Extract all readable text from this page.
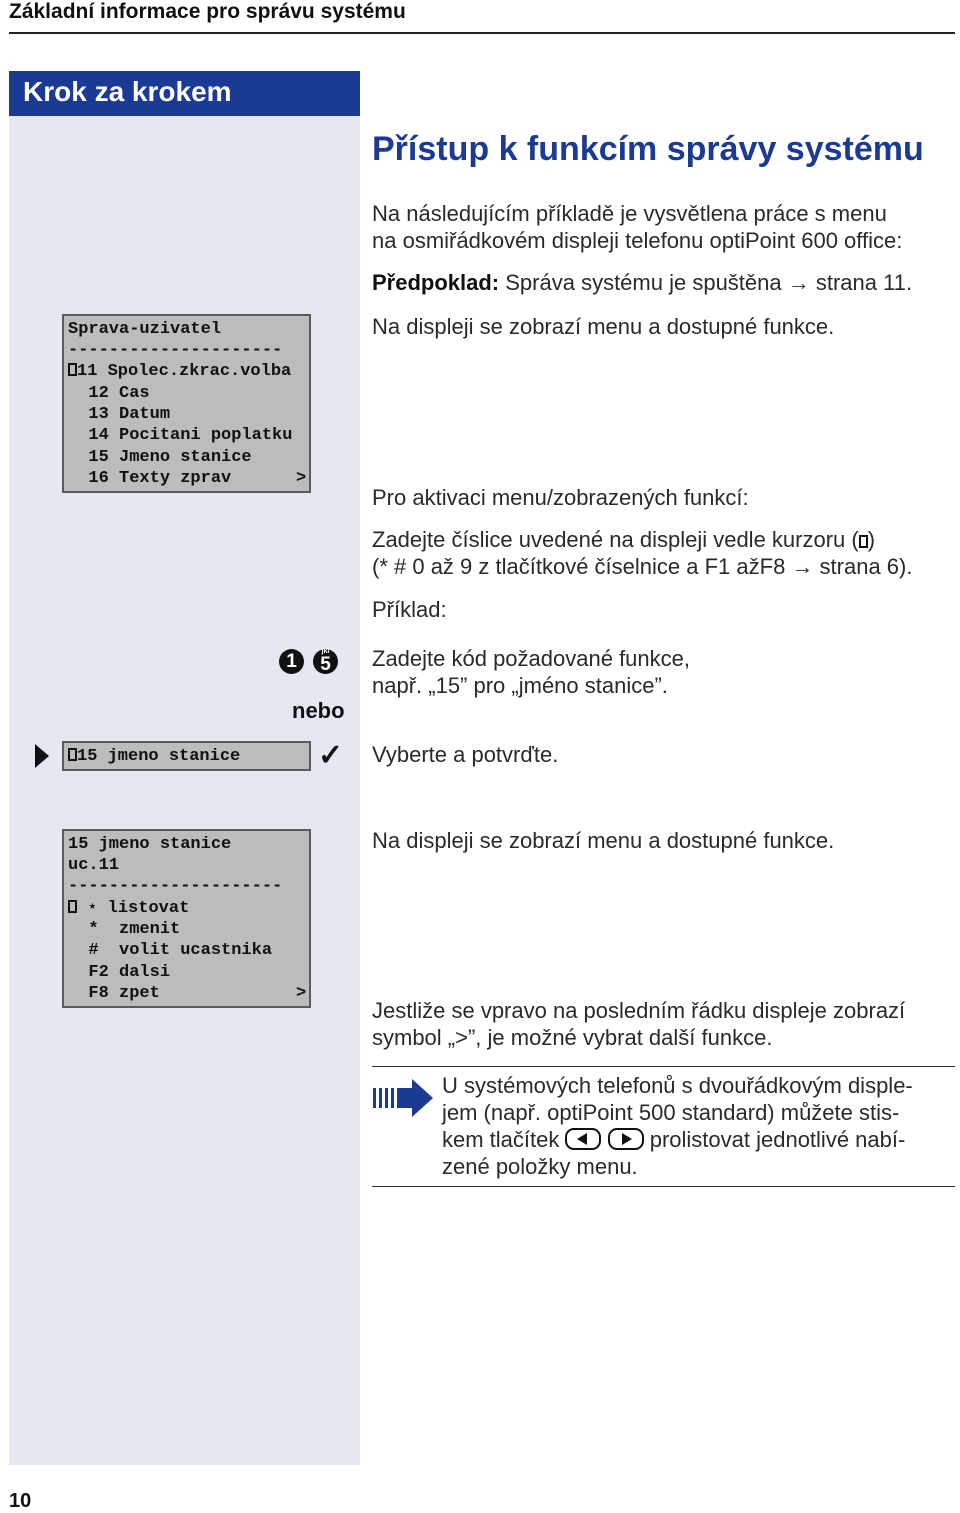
Základní informace pro správu systému
Krok za krokem
Přístup k funkcím správy systému

Na následujícím příkladě je vysvětlena práce s menu

na osmiřádkovém displeji telefonu optiPoint 600 office:

Předpoklad: Správa systému je spuštěna → strana 11.
Na displeji se zobrazí menu a dostupné funkce.
Sprava-uzivatel
---------------------
11 Spolec.zkrac.volba
12 Cas
13 Datum
14 Pocitani poplatku
15 Jmeno stanice
16 Texty zprav	>
Pro aktivaci menu/zobrazených funkcí:

Zadejte číslice uvedené na displeji vedle kurzoru ( )

(* # 0 až 9 z tlačítkové číselnice a F1 ažF8 → strana 6).

Příklad:
1	jkl
5	Zadejte kód požadované funkce,

např. „15” pro „jméno stanice”.

nebo
15 jmeno stanice	✓ Vyberte a potvrďte.
15 jmeno stanice
uc.11
---------------------
⋆ listovat
*  zmenit
#  volit ucastnika
F2 dalsi
F8 zpet	>
Na displeji se zobrazí menu a dostupné funkce.

Jestliže se vpravo na posledním řádku displeje zobrazí

symbol „>”, je možné vybrat další funkce.

U systémových telefonů s dvouřádkovým disple-

jem (např. optiPoint 500 standard) můžete stis-

kem tlačítek	prolistovat jednotlivé nabí-

zené položky menu.

10
